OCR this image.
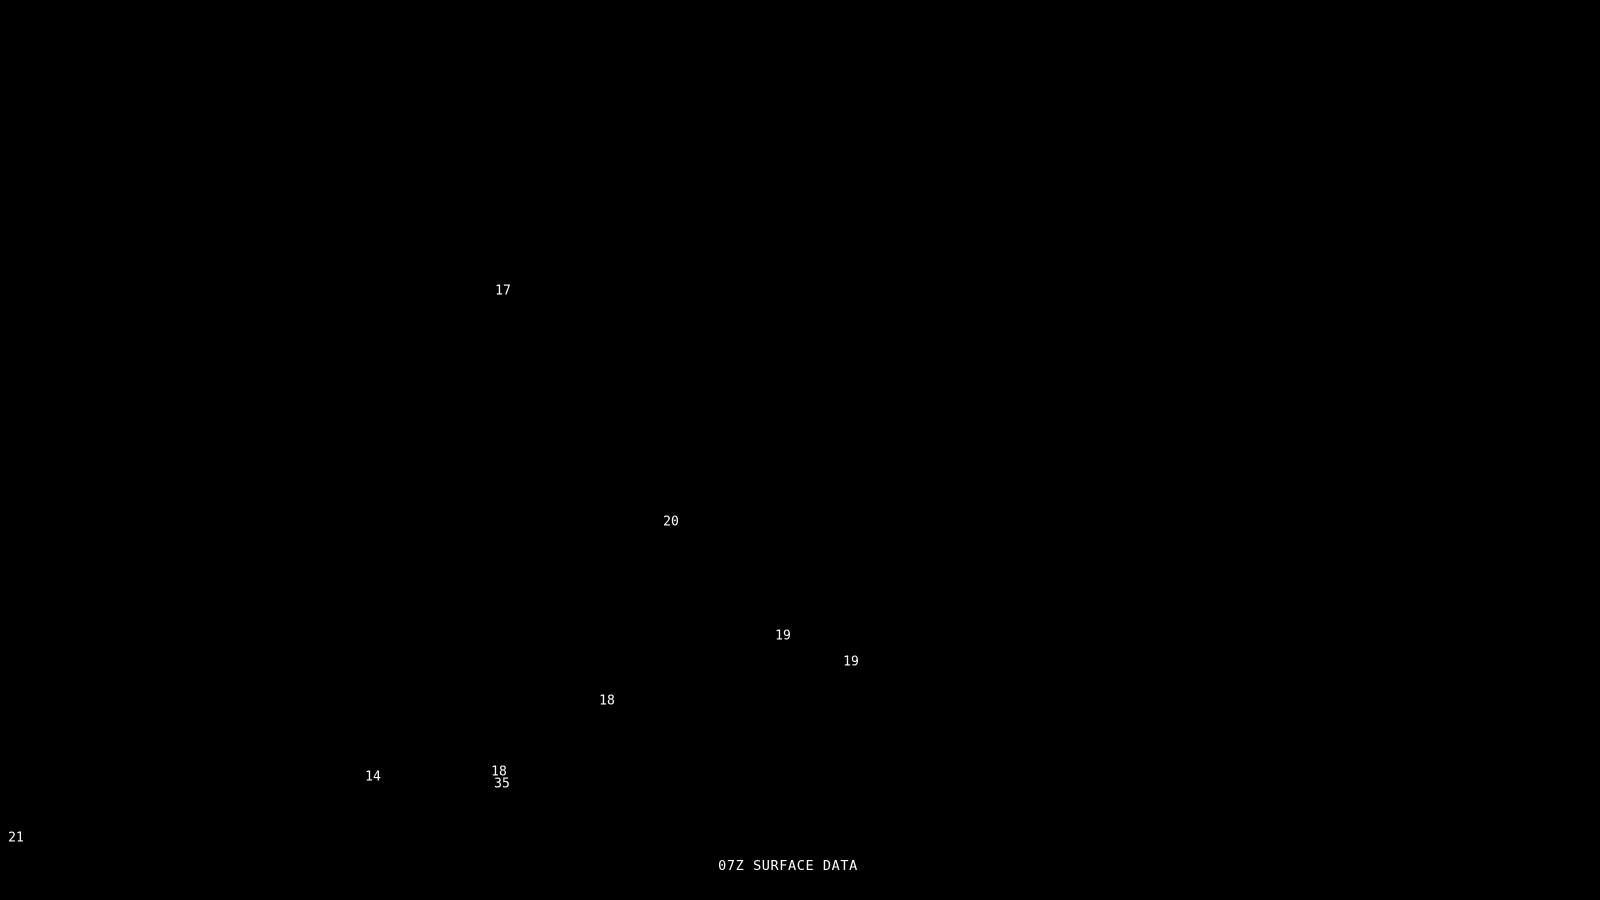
17
20
19
19
18
14	18
35
21
07Z SURFACE DATA
